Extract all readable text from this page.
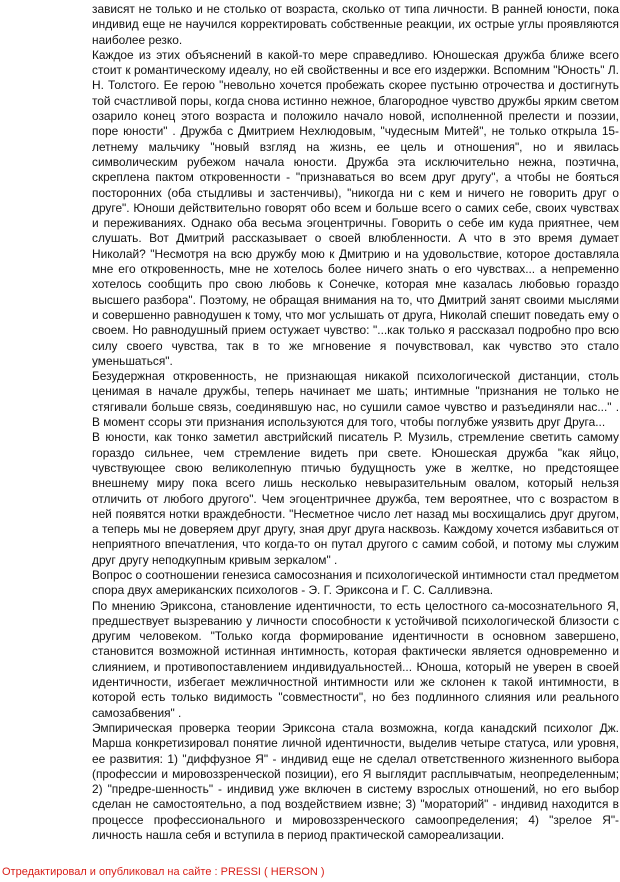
зависят не только и не столько от возраста, сколько от типа личности. В ранней юности, пока индивид еще не научился корректировать собственные реакции, их острые углы проявляются наиболее резко.

Каждое из этих объяснений в какой-то мере справедливо. Юношеская дружба ближе всего стоит к романтическому идеалу, но ей свойственны и все его издержки. Вспомним "Юность" Л. Н. Толстого. Ее герою "невольно хочется пробежать скорее пустыню отрочества и достигнуть той счастливой поры, когда снова истинно нежное, благородное чувство дружбы ярким светом озарило конец этого возраста и положило начало новой, исполненной прелести и поэзии, поре юности" . Дружба с Дмитрием Нехлюдовым, "чудесным Митей", не только открыла 15-летнему мальчику "новый взгляд на жизнь, ее цель и отношения", но и явилась символическим рубежом начала юности. Дружба эта исключительно нежна, поэтична, скреплена пактом откровенности - "признаваться во всем друг другу", а чтобы не бояться посторонних (оба стыдливы и застенчивы), "никогда ни с кем и ничего не говорить друг о друге". Юноши действительно говорят обо всем и больше всего о самих себе, своих чувствах и переживаниях. Однако оба весьма эгоцентричны. Говорить о себе им куда приятнее, чем слушать. Вот Дмитрий рассказывает о своей влюбленности. А что в это время думает Николай? "Несмотря на всю дружбу мою к Дмитрию и на удовольствие, которое доставляла мне его откровенность, мне не хотелось более ничего знать о его чувствах... а непременно хотелось сообщить про свою любовь к Сонечке, которая мне казалась любовью гораздо высшего разбора". Поэтому, не обращая внимания на то, что Дмитрий занят своими мыслями и совершенно равнодушен к тому, что мог услышать от друга, Николай спешит поведать ему о своем. Но равнодушный прием остужает чувство: "...как только я рассказал подробно про всю силу своего чувства, так в то же мгновение я почувствовал, как чувство это стало уменьшаться".

Безудержная откровенность, не признающая никакой психологической дистанции, столь ценимая в начале дружбы, теперь начинает ме шать; интимные "признания не только не стягивали больше связь, соединявшую нас, но сушили самое чувство и разъединяли нас..." . В момент ссоры эти признания используются для того, чтобы поглубже уязвить друг Друга...

В юности, как тонко заметил австрийский писатель Р. Музиль, стремление светить самому гораздо сильнее, чем стремление видеть при свете. Юношеская дружба "как яйцо, чувствующее свою великолепную птичью будущность уже в желтке, но предстоящее внешнему миру пока всего лишь несколько невыразительным овалом, который нельзя отличить от любого другого". Чем эгоцентричнее дружба, тем вероятнее, что с возрастом в ней появятся нотки враждебности. "Несметное число лет назад мы восхищались друг другом, а теперь мы не доверяем друг другу, зная друг друга насквозь. Каждому хочется избавиться от неприятного впечатления, что когда-то он путал другого с самим собой, и потому мы служим друг другу неподкупным кривым зеркалом" .

Вопрос о соотношении генезиса самосознания и психологической интимности стал предметом спора двух американских психологов - Э. Г. Эриксона и Г. С. Салливэна.

По мнению Эриксона, становление идентичности, то есть целостного са-мосознательного Я, предшествует вызреванию у личности способности к устойчивой психологической близости с другим человеком. "Только когда формирование идентичности в основном завершено, становится возможной истинная интимность, которая фактически является одновременно и слиянием, и противопоставлением индивидуальностей... Юноша, который не уверен в своей идентичности, избегает межличностной интимности или же склонен к такой интимности, в которой есть только видимость "совместности", но без подлинного слияния или реального самозабвения" .

Эмпирическая проверка теории Эриксона стала возможна, когда канадский психолог Дж. Марша конкретизировал понятие личной идентичности, выделив четыре статуса, или уровня, ее развития: 1) "диффузное Я" - индивид еще не сделал ответственного жизненного выбора (профессии и мировоззренческой позиции), его Я выглядит расплывчатым, неопределенным; 2) "предре-шенность" - индивид уже включен в систему взрослых отношений, но его выбор сделан не самостоятельно, а под воздействием извне; 3) "мораторий" - индивид находится в процессе профессионального и мировоззренческого самоопределения; 4) "зрелое Я"-личность нашла себя и вступила в период практической самореализации.

Отредактировал и опубликовал на сайте : PRESSI ( HERSON )
